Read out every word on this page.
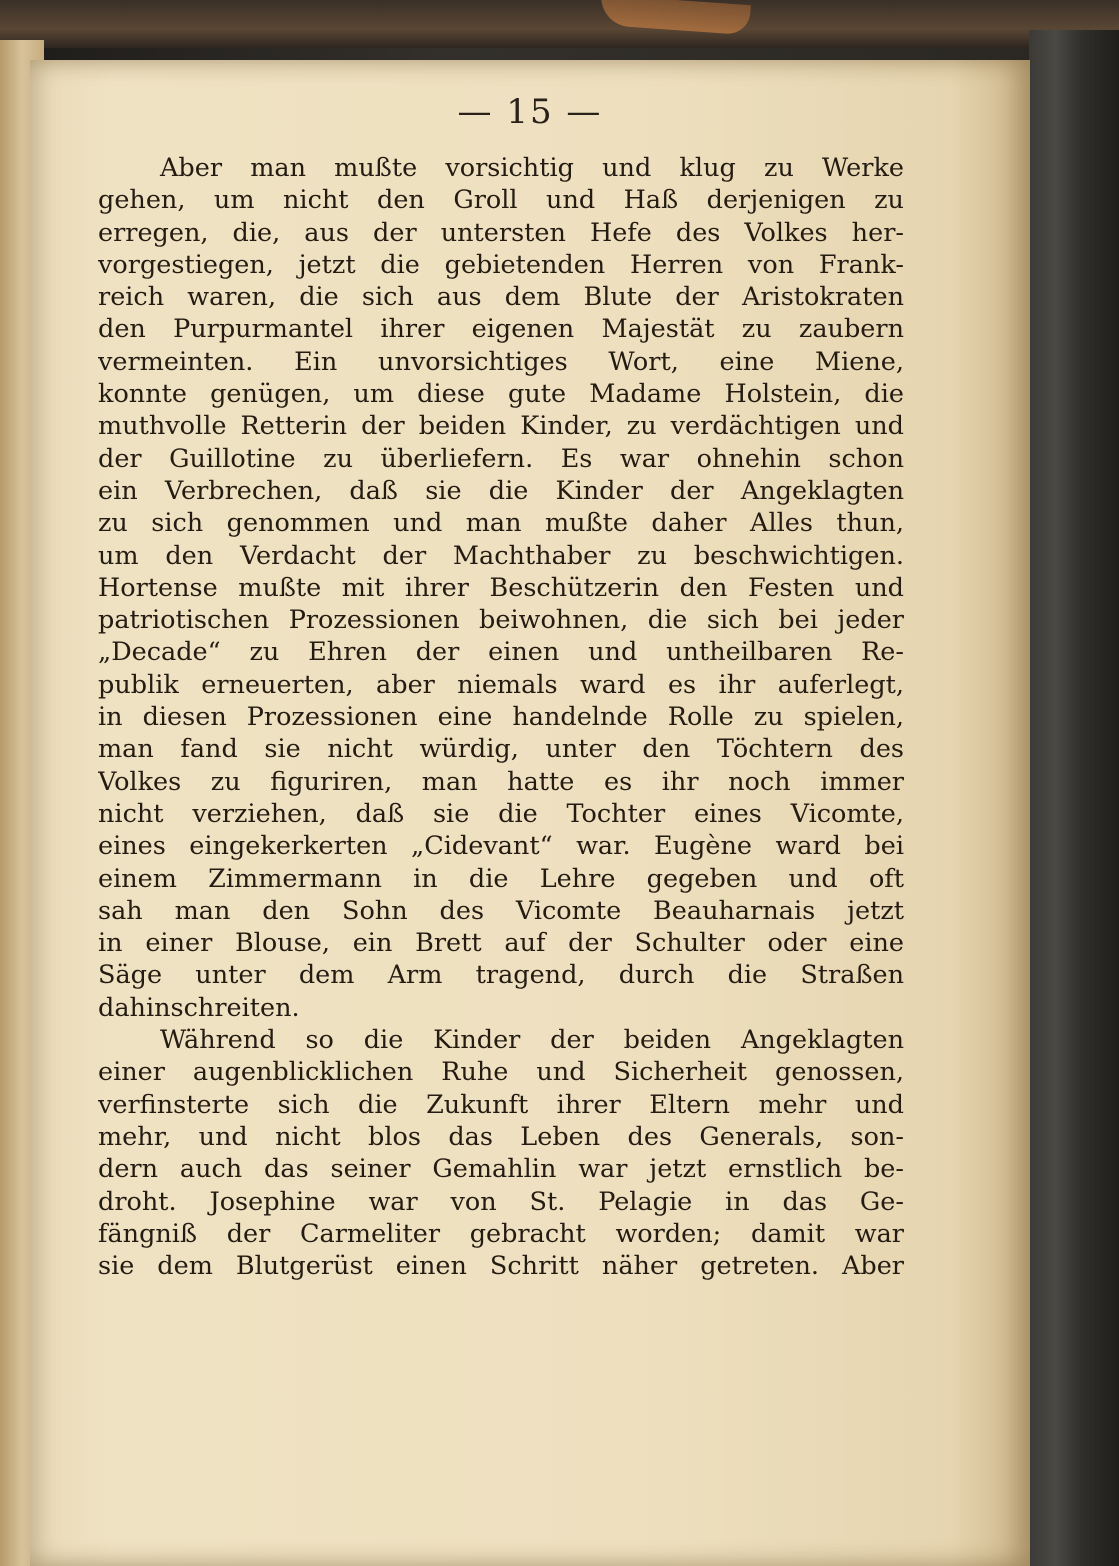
— 15 —
Aber man mußte vorsichtig und klug zu Werke
gehen, um nicht den Groll und Haß derjenigen zu
erregen, die, aus der untersten Hefe des Volkes her-
vorgestiegen, jetzt die gebietenden Herren von Frank-
reich waren, die sich aus dem Blute der Aristokraten
den Purpurmantel ihrer eigenen Majestät zu zaubern
vermeinten. Ein unvorsichtiges Wort, eine Miene,
konnte genügen, um diese gute Madame Holstein, die
muthvolle Retterin der beiden Kinder, zu verdächtigen und
der Guillotine zu überliefern. Es war ohnehin schon
ein Verbrechen, daß sie die Kinder der Angeklagten
zu sich genommen und man mußte daher Alles thun,
um den Verdacht der Machthaber zu beschwichtigen.
Hortense mußte mit ihrer Beschützerin den Festen und
patriotischen Prozessionen beiwohnen, die sich bei jeder
„Decade“ zu Ehren der einen und untheilbaren Re-
publik erneuerten, aber niemals ward es ihr auferlegt,
in diesen Prozessionen eine handelnde Rolle zu spielen,
man fand sie nicht würdig, unter den Töchtern des
Volkes zu figuriren, man hatte es ihr noch immer
nicht verziehen, daß sie die Tochter eines Vicomte,
eines eingekerkerten „Cidevant“ war. Eugène ward bei
einem Zimmermann in die Lehre gegeben und oft
sah man den Sohn des Vicomte Beauharnais jetzt
in einer Blouse, ein Brett auf der Schulter oder eine
Säge unter dem Arm tragend, durch die Straßen
dahinschreiten.
Während so die Kinder der beiden Angeklagten
einer augenblicklichen Ruhe und Sicherheit genossen,
verfinsterte sich die Zukunft ihrer Eltern mehr und
mehr, und nicht blos das Leben des Generals, son-
dern auch das seiner Gemahlin war jetzt ernstlich be-
droht. Josephine war von St. Pelagie in das Ge-
fängniß der Carmeliter gebracht worden; damit war
sie dem Blutgerüst einen Schritt näher getreten. Aber
